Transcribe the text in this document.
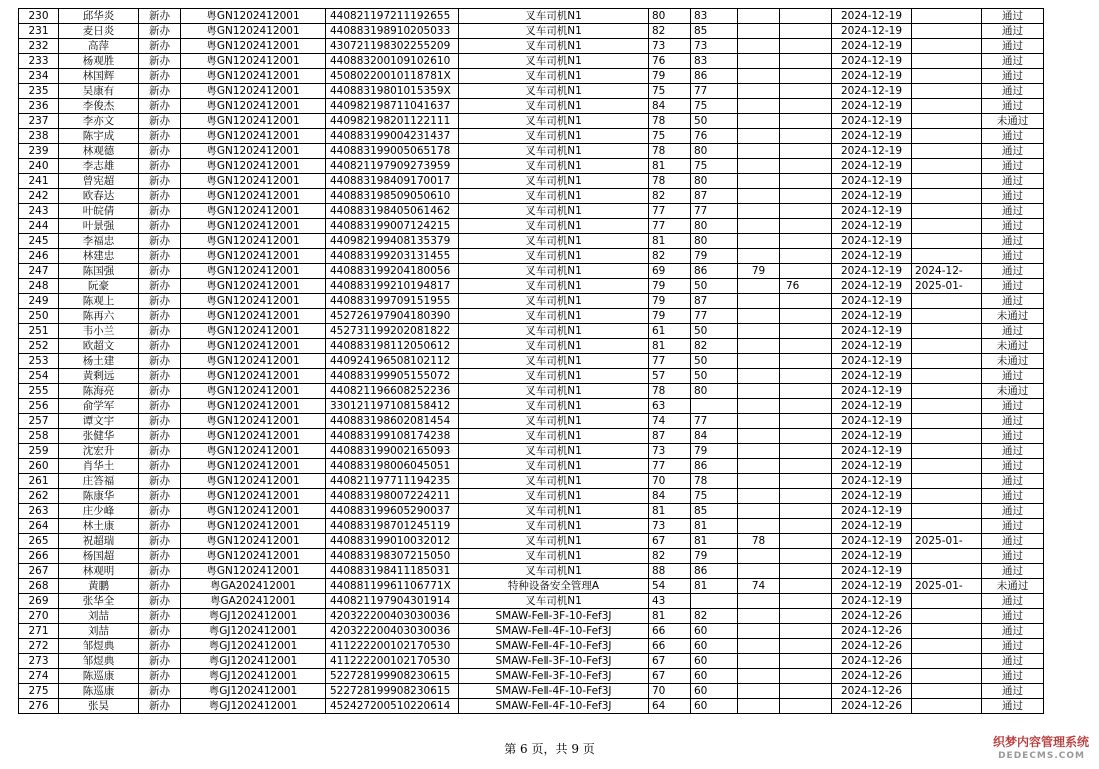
230	邱华炎	新办	粤GN1202412001	440821197211192655	叉车司机N1	80	83			2024-12-19		通过
231	麦日炎	新办	粤GN1202412001	440883198910205033	叉车司机N1	82	85			2024-12-19		通过
232	高萍	新办	粤GN1202412001	430721198302255209	叉车司机N1	73	73			2024-12-19		通过
233	杨观胜	新办	粤GN1202412001	440883200109102610	叉车司机N1	76	83			2024-12-19		通过
234	林国辉	新办	粤GN1202412001	45080220010118781X	叉车司机N1	79	86			2024-12-19		通过
235	吴康有	新办	粤GN1202412001	44088319801015359X	叉车司机N1	75	77			2024-12-19		通过
236	李俊杰	新办	粤GN1202412001	440982198711041637	叉车司机N1	84	75			2024-12-19		通过
237	李亦文	新办	粤GN1202412001	440982198201122111	叉车司机N1	78	50			2024-12-19		未通过
238	陈宇成	新办	粤GN1202412001	440883199004231437	叉车司机N1	75	76			2024-12-19		通过
239	林观德	新办	粤GN1202412001	440883199005065178	叉车司机N1	78	80			2024-12-19		通过
240	李志雄	新办	粤GN1202412001	440821197909273959	叉车司机N1	81	75			2024-12-19		通过
241	曾宪超	新办	粤GN1202412001	440883198409170017	叉车司机N1	78	80			2024-12-19		通过
242	欧春达	新办	粤GN1202412001	440883198509050610	叉车司机N1	82	87			2024-12-19		通过
243	叶皖倩	新办	粤GN1202412001	440883198405061462	叉车司机N1	77	77			2024-12-19		通过
244	叶景强	新办	粤GN1202412001	440883199007124215	叉车司机N1	77	80			2024-12-19		通过
245	李福忠	新办	粤GN1202412001	440982199408135379	叉车司机N1	81	80			2024-12-19		通过
246	林建忠	新办	粤GN1202412001	440883199203131455	叉车司机N1	82	79			2024-12-19		通过
247	陈国强	新办	粤GN1202412001	440883199204180056	叉车司机N1	69	86	79		2024-12-19	2024-12-	通过
248	阮豪	新办	粤GN1202412001	440883199210194817	叉车司机N1	79	50		76	2024-12-19	2025-01-	通过
249	陈观上	新办	粤GN1202412001	440883199709151955	叉车司机N1	79	87			2024-12-19		通过
250	陈再六	新办	粤GN1202412001	452726197904180390	叉车司机N1	79	77			2024-12-19		未通过
251	韦小兰	新办	粤GN1202412001	452731199202081822	叉车司机N1	61	50			2024-12-19		通过
252	欧超文	新办	粤GN1202412001	440883198112050612	叉车司机N1	81	82			2024-12-19		未通过
253	杨土建	新办	粤GN1202412001	440924196508102112	叉车司机N1	77	50			2024-12-19		未通过
254	黄剩远	新办	粤GN1202412001	440883199905155072	叉车司机N1	57	50			2024-12-19		通过
255	陈海亮	新办	粤GN1202412001	440821196608252236	叉车司机N1	78	80			2024-12-19		未通过
256	俞学军	新办	粤GN1202412001	330121197108158412	叉车司机N1	63				2024-12-19		通过
257	谭文宇	新办	粤GN1202412001	440883198602081454	叉车司机N1	74	77			2024-12-19		通过
258	张健华	新办	粤GN1202412001	440883199108174238	叉车司机N1	87	84			2024-12-19		通过
259	沈宏升	新办	粤GN1202412001	440883199002165093	叉车司机N1	73	79			2024-12-19		通过
260	肖华土	新办	粤GN1202412001	440883198006045051	叉车司机N1	77	86			2024-12-19		通过
261	庄答福	新办	粤GN1202412001	440821197711194235	叉车司机N1	70	78			2024-12-19		通过
262	陈康华	新办	粤GN1202412001	440883198007224211	叉车司机N1	84	75			2024-12-19		通过
263	庄少峰	新办	粤GN1202412001	440883199605290037	叉车司机N1	81	85			2024-12-19		通过
264	林土康	新办	粤GN1202412001	440883198701245119	叉车司机N1	73	81			2024-12-19		通过
265	祝超瑞	新办	粤GN1202412001	440883199010032012	叉车司机N1	67	81	78		2024-12-19	2025-01-	通过
266	杨国超	新办	粤GN1202412001	440883198307215050	叉车司机N1	82	79			2024-12-19		通过
267	林观明	新办	粤GN1202412001	440883198411185031	叉车司机N1	88	86			2024-12-19		通过
268	黄鹏	新办	粤GA202412001	44088119961106771X	特种设备安全管理A	54	81	74		2024-12-19	2025-01-	未通过
269	张华全	新办	粤GA202412001	440821197904301914	叉车司机N1	43				2024-12-19		通过
270	刘喆	新办	粤GJ1202412001	420322200403030036	SMAW-FeⅡ-3F-10-Fef3J	81	82			2024-12-26		通过
271	刘喆	新办	粤GJ1202412001	420322200403030036	SMAW-FeⅡ-4F-10-Fef3J	66	60			2024-12-26		通过
272	邹煜典	新办	粤GJ1202412001	411222200102170530	SMAW-FeⅡ-4F-10-Fef3J	66	60			2024-12-26		通过
273	邹煜典	新办	粤GJ1202412001	411222200102170530	SMAW-FeⅡ-3F-10-Fef3J	67	60			2024-12-26		通过
274	陈巡康	新办	粤GJ1202412001	522728199908230615	SMAW-FeⅡ-3F-10-Fef3J	67	60			2024-12-26		通过
275	陈巡康	新办	粤GJ1202412001	522728199908230615	SMAW-FeⅡ-4F-10-Fef3J	70	60			2024-12-26		通过
276	张昊	新办	粤GJ1202412001	452427200510220614	SMAW-FeⅡ-4F-10-Fef3J	64	60			2024-12-26		通过
第 6 页，共 9 页	织梦内容管理系统
DEDECMS.COM
